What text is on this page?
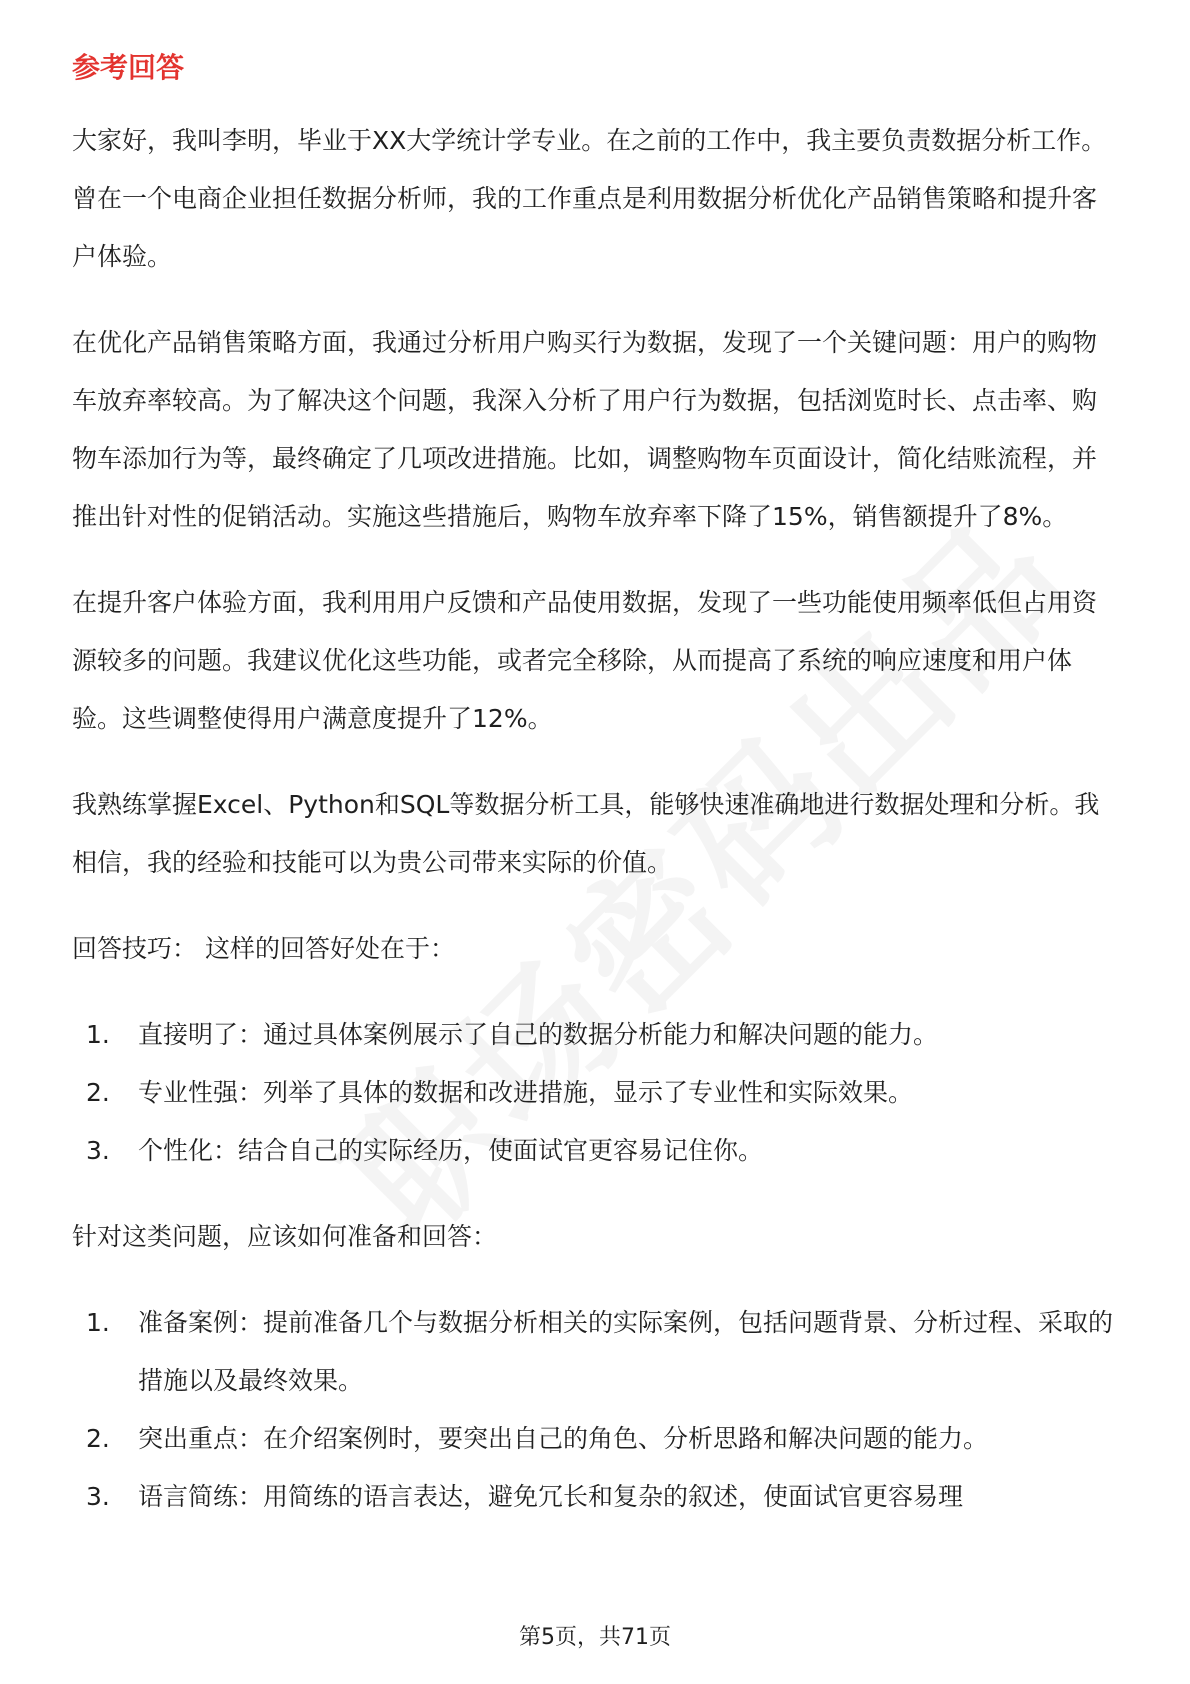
参考回答

大家好，我叫李明，毕业于XX大学统计学专业。在之前的工作中，我主要负责数据分析工作。曾在一个电商企业担任数据分析师，我的工作重点是利用数据分析优化产品销售策略和提升客户体验。

在优化产品销售策略方面，我通过分析用户购买行为数据，发现了一个关键问题：用户的购物车放弃率较高。为了解决这个问题，我深入分析了用户行为数据，包括浏览时长、点击率、购物车添加行为等，最终确定了几项改进措施。比如，调整购物车页面设计，简化结账流程，并推出针对性的促销活动。实施这些措施后，购物车放弃率下降了15%，销售额提升了8%。

在提升客户体验方面，我利用用户反馈和产品使用数据，发现了一些功能使用频率低但占用资源较多的问题。我建议优化这些功能，或者完全移除，从而提高了系统的响应速度和用户体验。这些调整使得用户满意度提升了12%。

我熟练掌握Excel、Python和SQL等数据分析工具，能够快速准确地进行数据处理和分析。我相信，我的经验和技能可以为贵公司带来实际的价值。

回答技巧： 这样的回答好处在于：

1. 直接明了：通过具体案例展示了自己的数据分析能力和解决问题的能力。
2. 专业性强：列举了具体的数据和改进措施，显示了专业性和实际效果。
3. 个性化：结合自己的实际经历，使面试官更容易记住你。

针对这类问题，应该如何准备和回答：

1. 准备案例：提前准备几个与数据分析相关的实际案例，包括问题背景、分析过程、采取的措施以及最终效果。
2. 突出重点：在介绍案例时，要突出自己的角色、分析思路和解决问题的能力。
3. 语言简练：用简练的语言表达，避免冗长和复杂的叙述，使面试官更容易理
第5页，共71页
